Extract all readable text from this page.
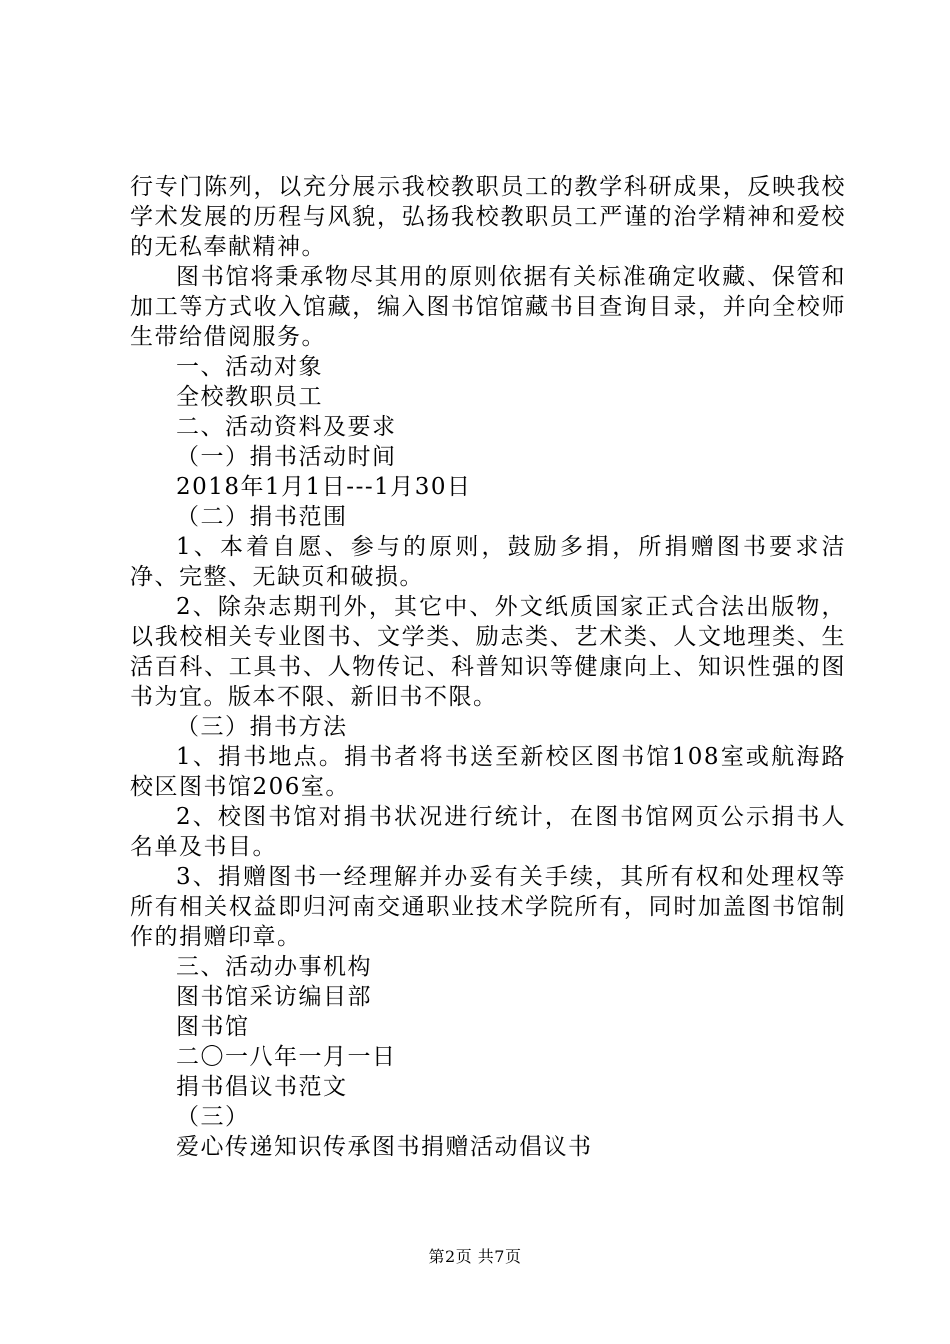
行专门陈列，以充分展示我校教职员工的教学科研成果，反映我校学术发展的历程与风貌，弘扬我校教职员工严谨的治学精神和爱校的无私奉献精神。

图书馆将秉承物尽其用的原则依据有关标准确定收藏、保管和加工等方式收入馆藏，编入图书馆馆藏书目查询目录，并向全校师生带给借阅服务。

一、活动对象

全校教职员工

二、活动资料及要求

（一）捐书活动时间

2018年1月1日---1月30日

（二）捐书范围

1、本着自愿、参与的原则，鼓励多捐，所捐赠图书要求洁净、完整、无缺页和破损。

2、除杂志期刊外，其它中、外文纸质国家正式合法出版物，以我校相关专业图书、文学类、励志类、艺术类、人文地理类、生活百科、工具书、人物传记、科普知识等健康向上、知识性强的图书为宜。版本不限、新旧书不限。

（三）捐书方法

1、捐书地点。捐书者将书送至新校区图书馆108室或航海路校区图书馆206室。

2、校图书馆对捐书状况进行统计，在图书馆网页公示捐书人名单及书目。

3、捐赠图书一经理解并办妥有关手续，其所有权和处理权等所有相关权益即归河南交通职业技术学院所有，同时加盖图书馆制作的捐赠印章。

三、活动办事机构

图书馆采访编目部

图书馆

二〇一八年一月一日

捐书倡议书范文

（三）

爱心传递知识传承图书捐赠活动倡议书

第2页 共7页
